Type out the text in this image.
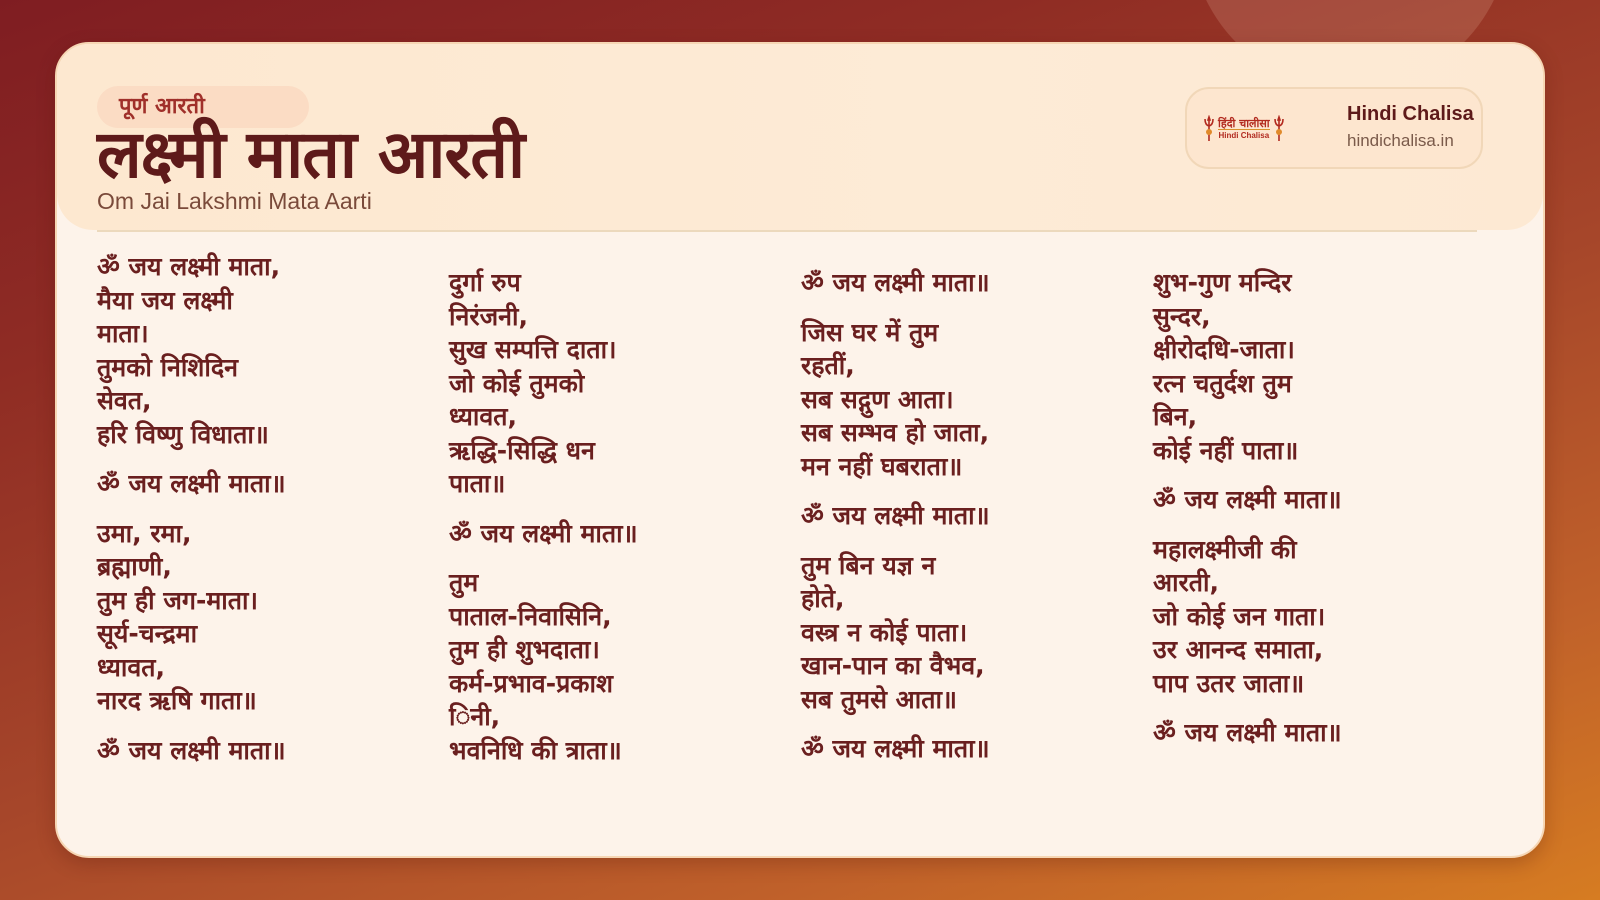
पूर्ण आरती
लक्ष्मी माता आरती
Om Jai Lakshmi Mata Aarti
हिंदी चालीसा
Hindi Chalisa
Hindi Chalisa
hindichalisa.in
ॐ जय लक्ष्मी माता,
मैया जय लक्ष्मी
माता।
तुमको निशिदिन
सेवत,
हरि विष्णु विधाता॥
ॐ जय लक्ष्मी माता॥
उमा, रमा,
ब्रह्माणी,
तुम ही जग-माता।
सूर्य-चन्द्रमा
ध्यावत,
नारद ऋषि गाता॥
ॐ जय लक्ष्मी माता॥
दुर्गा रुप
निरंजनी,
सुख सम्पत्ति दाता।
जो कोई तुमको
ध्यावत,
ऋद्धि-सिद्धि धन
पाता॥
ॐ जय लक्ष्मी माता॥
तुम
पाताल-निवासिनि,
तुम ही शुभदाता।
कर्म-प्रभाव-प्रकाश
िनी,
भवनिधि की त्राता॥
ॐ जय लक्ष्मी माता॥
जिस घर में तुम
रहतीं,
सब सद्गुण आता।
सब सम्भव हो जाता,
मन नहीं घबराता॥
ॐ जय लक्ष्मी माता॥
तुम बिन यज्ञ न
होते,
वस्त्र न कोई पाता।
खान-पान का वैभव,
सब तुमसे आता॥
ॐ जय लक्ष्मी माता॥
शुभ-गुण मन्दिर
सुन्दर,
क्षीरोदधि-जाता।
रत्न चतुर्दश तुम
बिन,
कोई नहीं पाता॥
ॐ जय लक्ष्मी माता॥
महालक्ष्मीजी की
आरती,
जो कोई जन गाता।
उर आनन्द समाता,
पाप उतर जाता॥
ॐ जय लक्ष्मी माता॥
